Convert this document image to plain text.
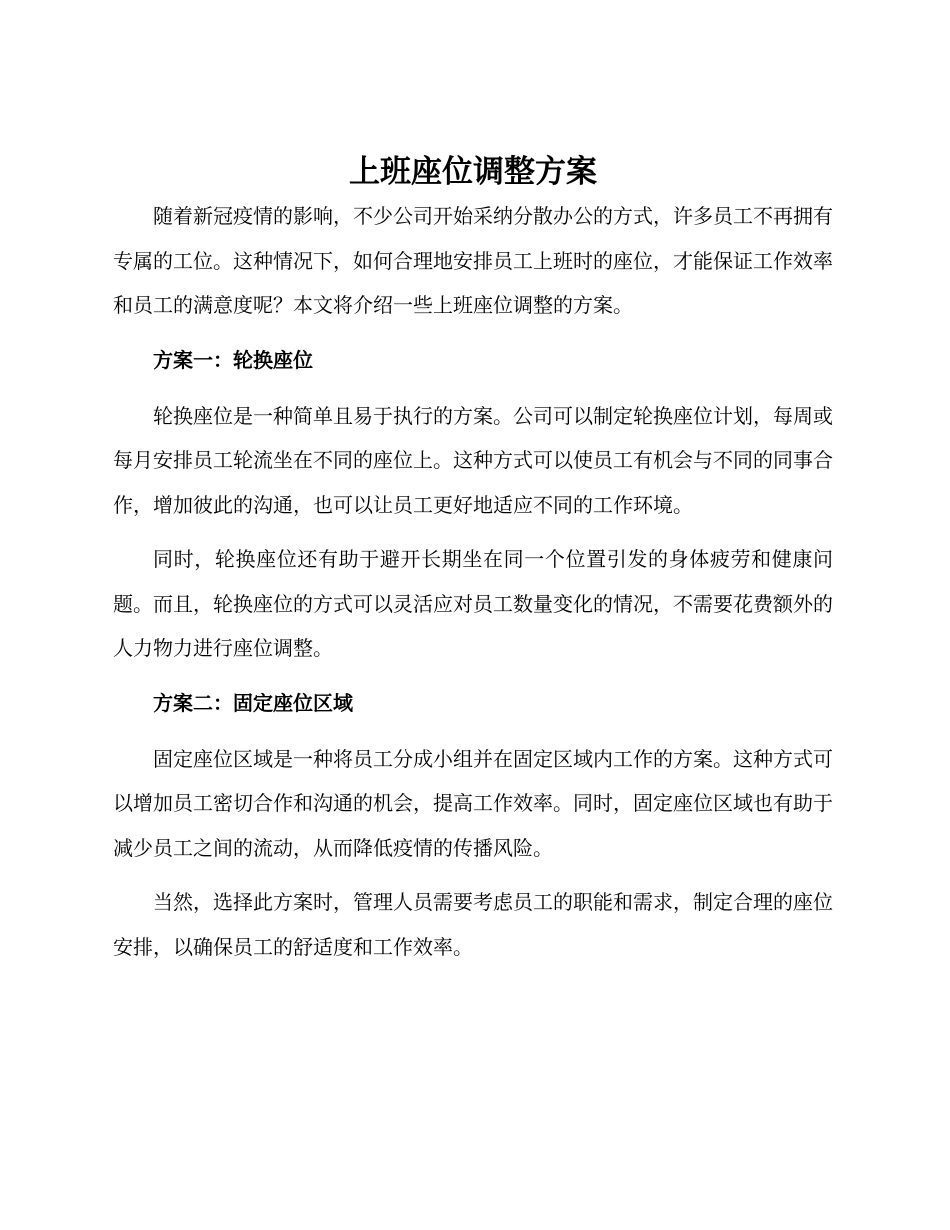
上班座位调整方案

随着新冠疫情的影响，不少公司开始采纳分散办公的方式，许多员工不再拥有专属的工位。这种情况下，如何合理地安排员工上班时的座位，才能保证工作效率和员工的满意度呢？本文将介绍一些上班座位调整的方案。

方案一：轮换座位

轮换座位是一种简单且易于执行的方案。公司可以制定轮换座位计划，每周或每月安排员工轮流坐在不同的座位上。这种方式可以使员工有机会与不同的同事合作，增加彼此的沟通，也可以让员工更好地适应不同的工作环境。

同时，轮换座位还有助于避开长期坐在同一个位置引发的身体疲劳和健康问题。而且，轮换座位的方式可以灵活应对员工数量变化的情况，不需要花费额外的人力物力进行座位调整。

方案二：固定座位区域

固定座位区域是一种将员工分成小组并在固定区域内工作的方案。这种方式可以增加员工密切合作和沟通的机会，提高工作效率。同时，固定座位区域也有助于减少员工之间的流动，从而降低疫情的传播风险。

当然，选择此方案时，管理人员需要考虑员工的职能和需求，制定合理的座位安排，以确保员工的舒适度和工作效率。
